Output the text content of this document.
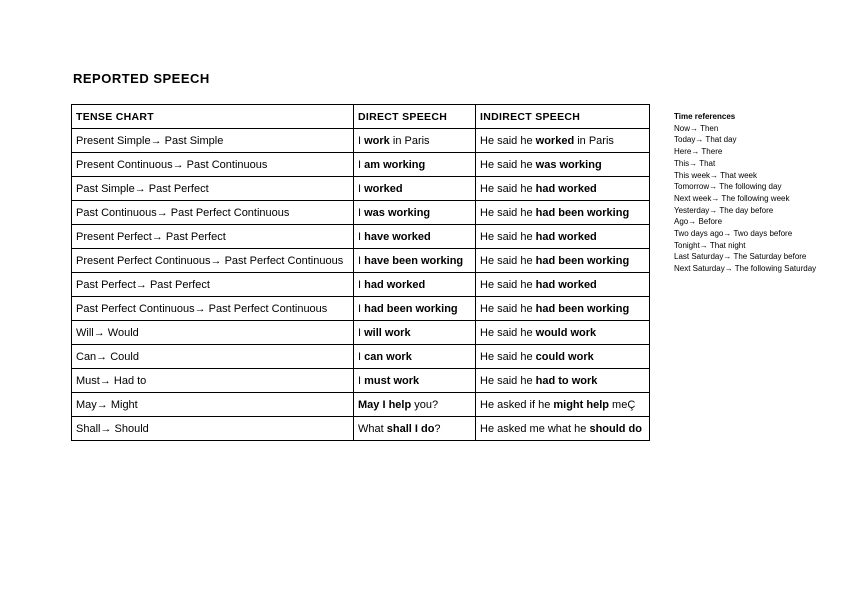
REPORTED SPEECH
TENSE CHART	DIRECT SPEECH	INDIRECT SPEECH
Present Simple→ Past Simple	I work in Paris	He said he worked in Paris
Present Continuous→ Past Continuous	I am working	He said he was working
Past Simple→ Past Perfect	I worked	He said he had worked
Past Continuous→ Past Perfect Continuous	I was working	He said he had been working
Present Perfect→ Past Perfect	I have worked	He said he had worked
Present Perfect Continuous→ Past Perfect Continuous	I have been working	He said he had been working
Past Perfect→ Past Perfect	I had worked	He said he had worked
Past Perfect Continuous→ Past Perfect Continuous	I had been working	He said he had been working
Will→ Would	I will work	He said he would work
Can→ Could	I can work	He said he could work
Must→ Had to	I must work	He said he had to work
May→ Might	May I help you?	He asked if he might help meÇ
Shall→ Should	What shall I do?	He asked me what he should do
Time references
Now→ Then
Today→ That day
Here→ There
This→ That
This week→ That week
Tomorrow→ The following day
Next week→ The following week
Yesterday→ The day before
Ago→ Before
Two days ago→ Two days before
Tonight→ That night
Last Saturday→ The Saturday before
Next Saturday→ The following Saturday
